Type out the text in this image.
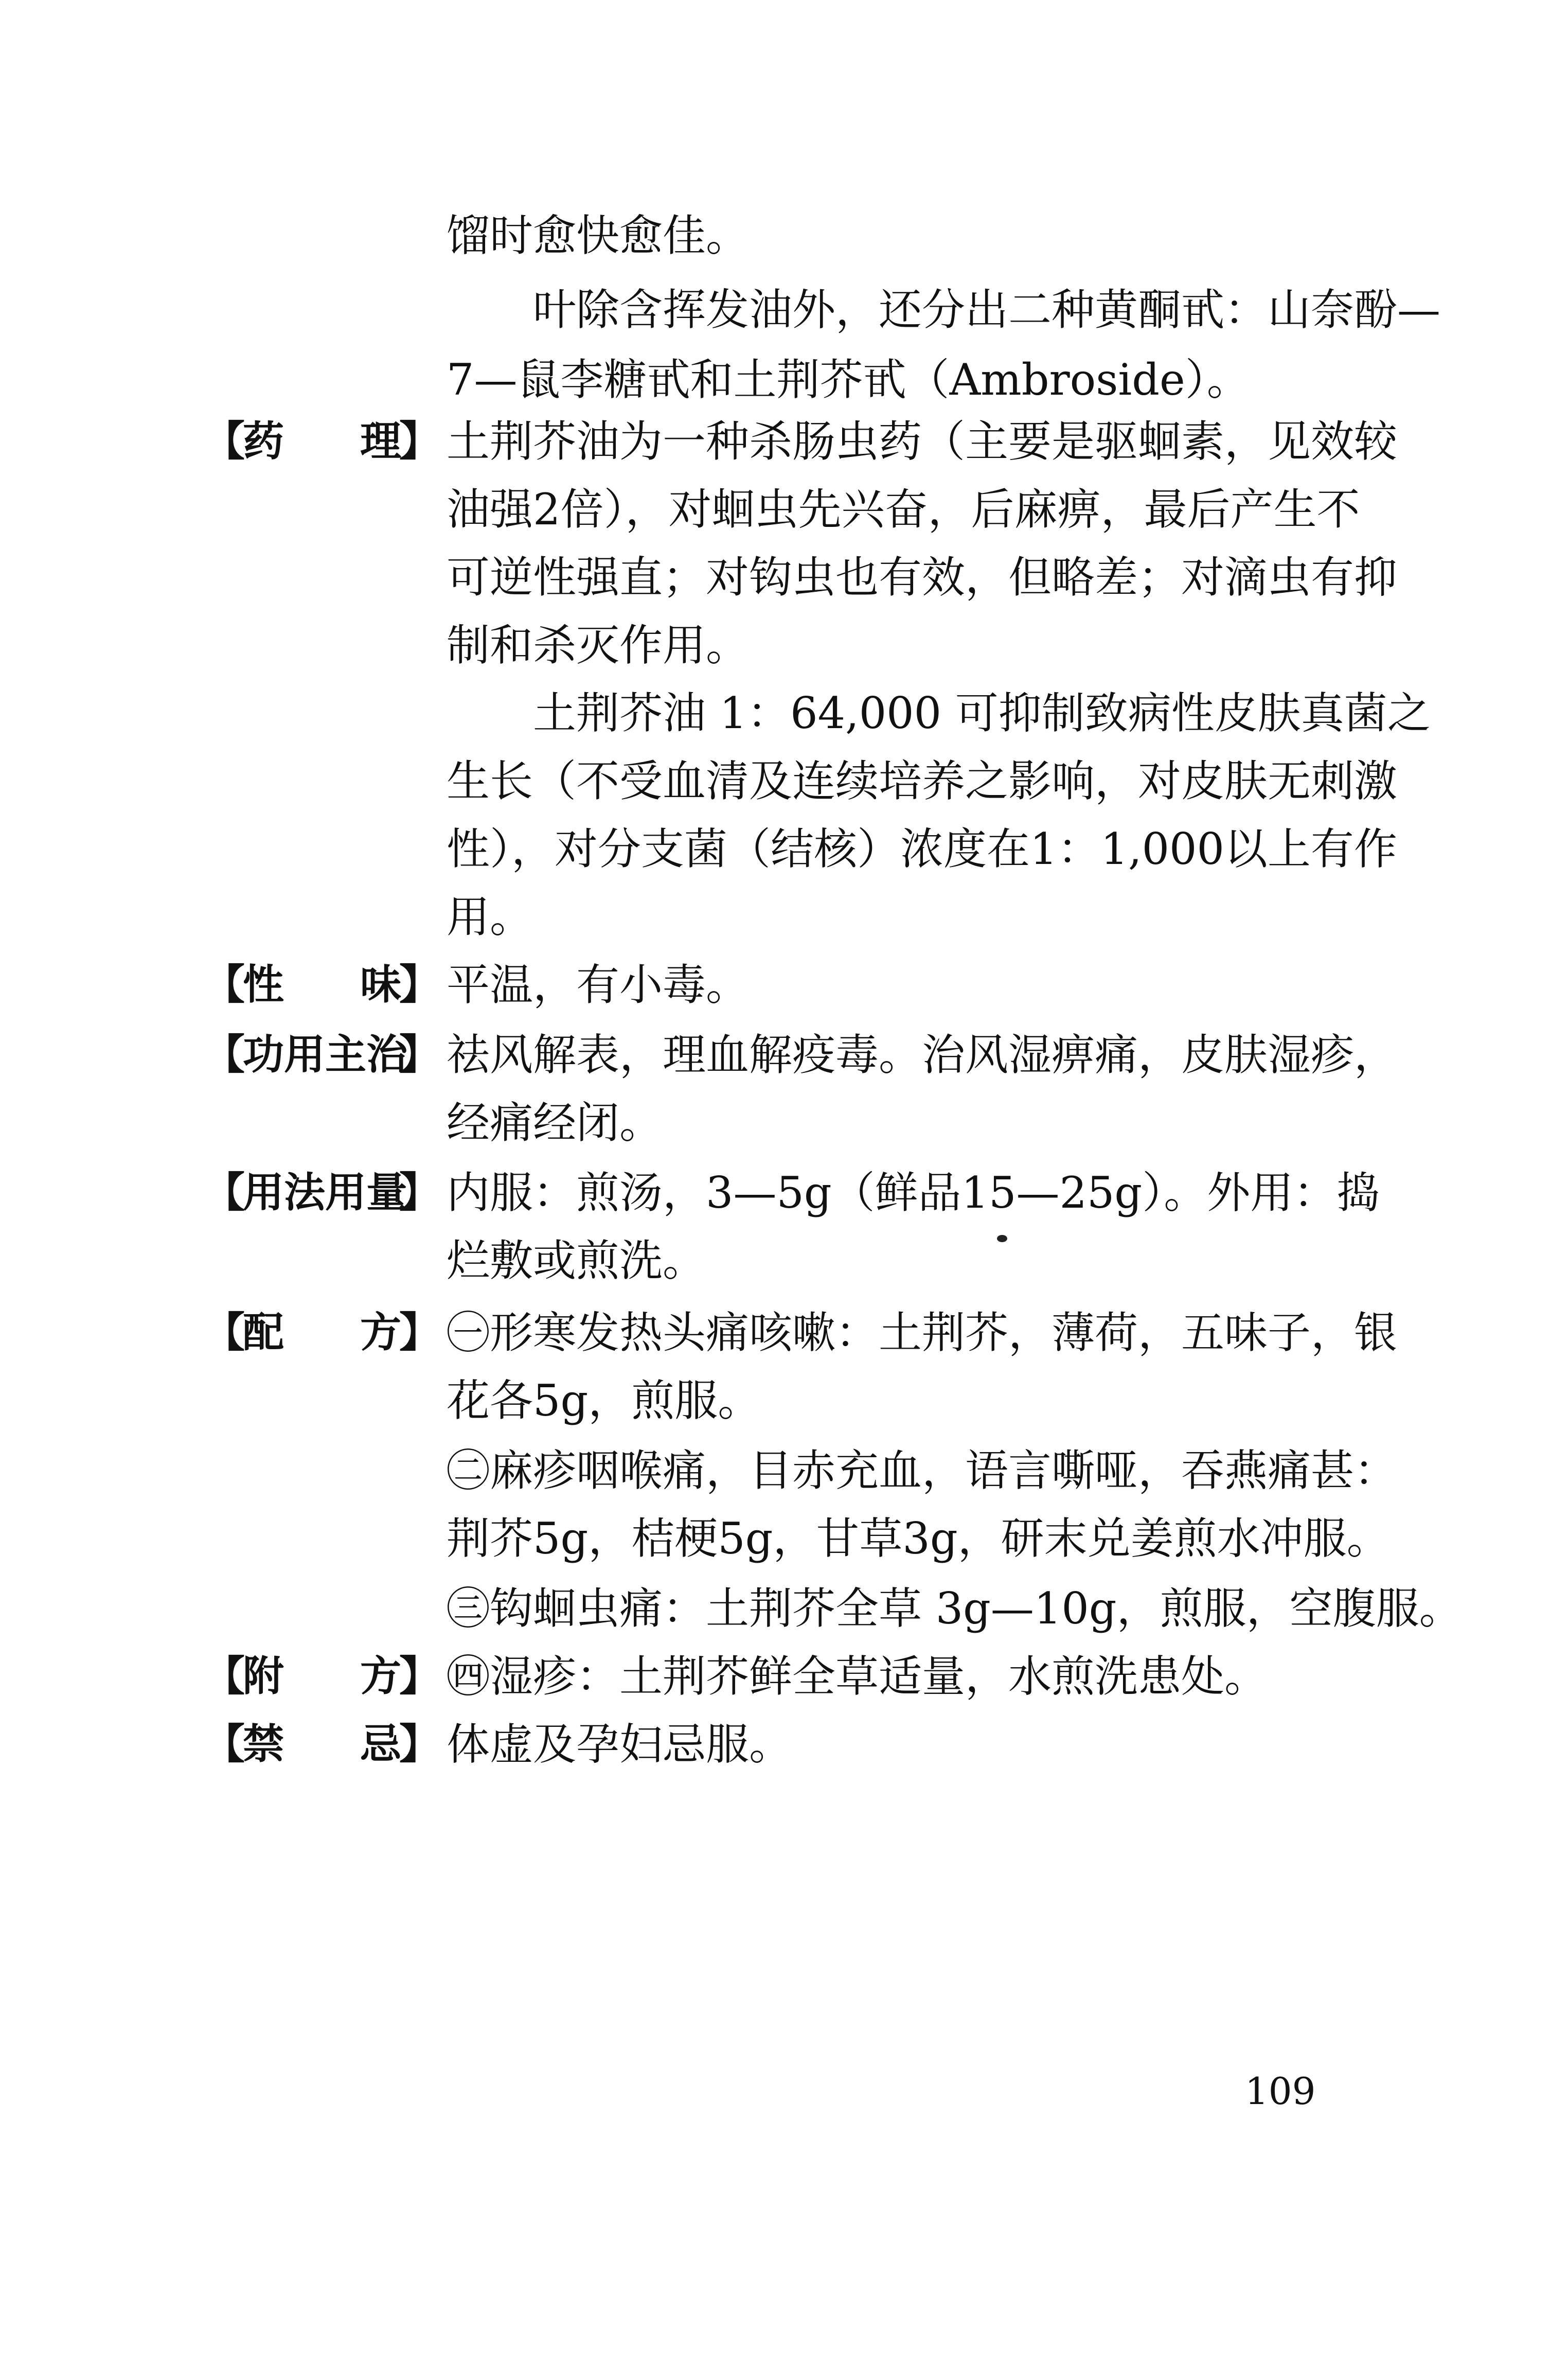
馏时愈快愈佳。
叶除含挥发油外，还分出二种黄酮甙：山奈酚—
7—鼠李糖甙和土荆芥甙（Ambroside）。
【
药理
】 土荆芥油为一种杀肠虫药（主要是驱蛔素，见效较
油强2倍），对蛔虫先兴奋，后麻痹，最后产生不
可逆性强直；对钩虫也有效，但略差；对滴虫有抑
制和杀灭作用。
土荆芥油 1：64,000 可抑制致病性皮肤真菌之
生长（不受血清及连续培养之影响，对皮肤无刺激
性），对分支菌（结核）浓度在1：1,000以上有作
用。
【
性味
】 平温，有小毒。
【
功用主治
】 祛风解表，理血解疫毒。治风湿痹痛，皮肤湿疹，
经痛经闭。
【
用法用量
】 内服：煎汤，3—5g（鲜品15—25g）。外用：捣
烂敷或煎洗。
【
配方
】 ㊀形寒发热头痛咳嗽：土荆芥，薄荷，五味子，银
花各5g，煎服。
㊁麻疹咽喉痛，目赤充血，语言嘶哑，吞燕痛甚：
荆芥5g，桔梗5g，甘草3g，研末兑姜煎水冲服。
㊂钩蛔虫痛：土荆芥全草 3g—10g，煎服，空腹服。
【
附方
】 ㊃湿疹：土荆芥鲜全草适量，水煎洗患处。
【
禁忌
】 体虚及孕妇忌服。
109
